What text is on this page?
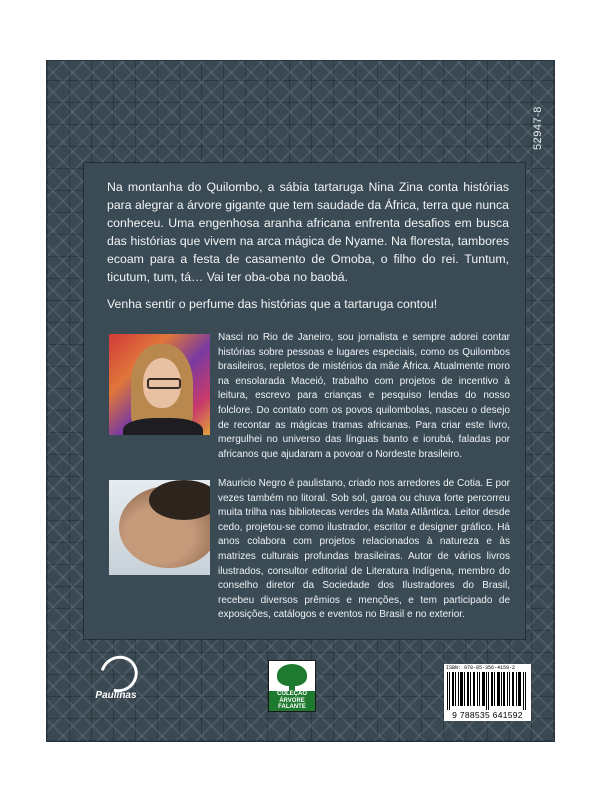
52947-8

Na montanha do Quilombo, a sábia tartaruga Nina Zina conta histórias para alegrar a árvore gigante que tem saudade da África, terra que nunca conheceu. Uma engenhosa aranha africana enfrenta desafios em busca das histórias que vivem na arca mágica de Nyame. Na floresta, tambores ecoam para a festa de casamento de Omoba, o filho do rei. Tuntum, ticutum, tum, tá… Vai ter oba-oba no baobá.

Venha sentir o perfume das histórias que a tartaruga contou!

Nasci no Rio de Janeiro, sou jornalista e sempre adorei contar histórias sobre pessoas e lugares especiais, como os Quilombos brasileiros, repletos de mistérios da mãe África. Atualmente moro na ensolarada Maceió, trabalho com projetos de incentivo à leitura, escrevo para crianças e pesquiso lendas do nosso folclore. Do contato com os povos quilombolas, nasceu o desejo de recontar as mágicas tramas africanas. Para criar este livro, mergulhei no universo das línguas banto e iorubá, faladas por africanos que ajudaram a povoar o Nordeste brasileiro.
Mauricio Negro é paulistano, criado nos arredores de Cotia. E por vezes também no litoral. Sob sol, garoa ou chuva forte percorreu muita trilha nas bibliotecas verdes da Mata Atlântica. Leitor desde cedo, projetou-se como ilustrador, escritor e designer gráfico. Há anos colabora com projetos relacionados à natureza e às matrizes culturais profundas brasileiras. Autor de vários livros ilustrados, consultor editorial de Literatura Indígena, membro do conselho diretor da Sociedade dos Ilustradores do Brasil, recebeu diversos prêmios e menções, e tem participado de exposições, catálogos e eventos no Brasil e no exterior.
Paulinas	COLEÇÃO
ÁRVORE
FALANTE
ISBN: 978-85-356-4159-2
9 788535 641592
